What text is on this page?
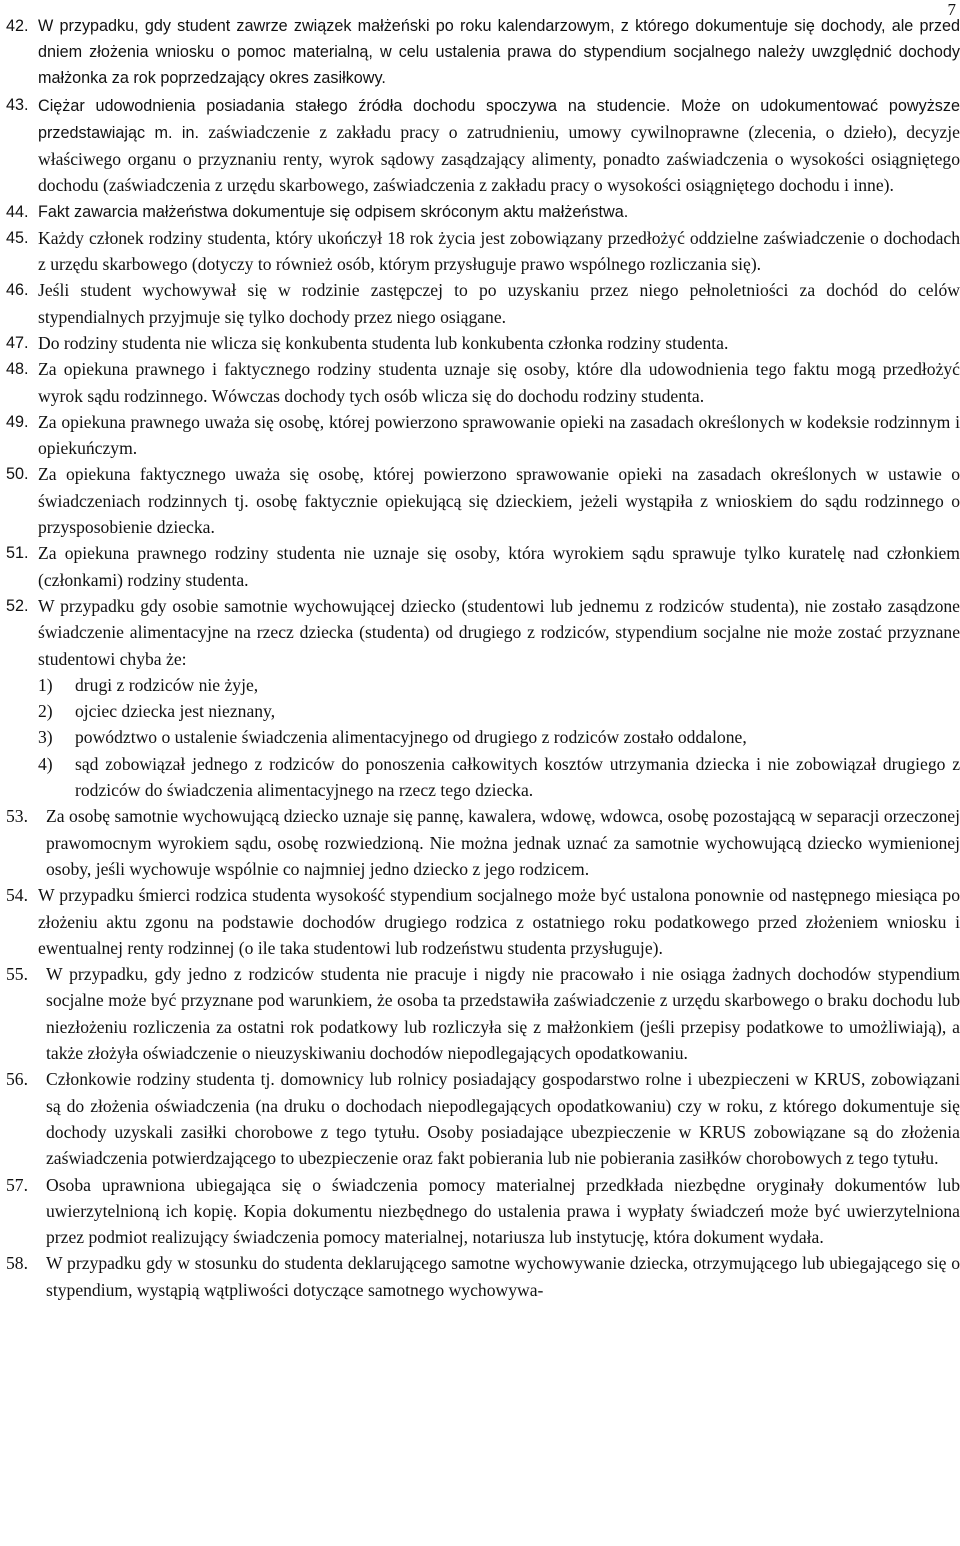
7
42. W przypadku, gdy student zawrze związek małżeński po roku kalendarzowym, z którego dokumentuje się dochody, ale przed dniem złożenia wniosku o pomoc materialną, w celu ustalenia prawa do stypendium socjalnego należy uwzględnić dochody małżonka za rok poprzedzający okres zasiłkowy.
43. Ciężar udowodnienia posiadania stałego źródła dochodu spoczywa na studencie. Może on udokumentować powyższe przedstawiając m. in. zaświadczenie z zakładu pracy o zatrudnieniu, umowy cywilnoprawne (zlecenia, o dzieło), decyzje właściwego organu o przyznaniu renty, wyrok sądowy zasądzający alimenty, ponadto zaświadczenia o wysokości osiągniętego dochodu (zaświadczenia z urzędu skarbowego, zaświadczenia z zakładu pracy o wysokości osiągniętego dochodu i inne).
44. Fakt zawarcia małżeństwa dokumentuje się odpisem skróconym aktu małżeństwa.
45. Każdy członek rodziny studenta, który ukończył 18 rok życia jest zobowiązany przedłożyć oddzielne zaświadczenie o dochodach z urzędu skarbowego (dotyczy to również osób, którym przysługuje prawo wspólnego rozliczania się).
46. Jeśli student wychowywał się w rodzinie zastępczej to po uzyskaniu przez niego pełnoletniości za dochód do celów stypendialnych przyjmuje się tylko dochody przez niego osiągane.
47. Do rodziny studenta nie wlicza się konkubenta studenta lub konkubenta członka rodziny studenta.
48. Za opiekuna prawnego i faktycznego rodziny studenta uznaje się osoby, które dla udowodnienia tego faktu mogą przedłożyć wyrok sądu rodzinnego. Wówczas dochody tych osób wlicza się do dochodu rodziny studenta.
49. Za opiekuna prawnego uważa się osobę, której powierzono sprawowanie opieki na zasadach określonych w kodeksie rodzinnym i opiekuńczym.
50. Za opiekuna faktycznego uważa się osobę, której powierzono sprawowanie opieki na zasadach określonych w ustawie o świadczeniach rodzinnych tj. osobę faktycznie opiekującą się dzieckiem, jeżeli wystąpiła z wnioskiem do sądu rodzinnego o przysposobienie dziecka.
51. Za opiekuna prawnego rodziny studenta nie uznaje się osoby, która wyrokiem sądu sprawuje tylko kuratelę nad członkiem (członkami) rodziny studenta.
52. W przypadku gdy osobie samotnie wychowującej dziecko (studentowi lub jednemu z rodziców studenta), nie zostało zasądzone świadczenie alimentacyjne na rzecz dziecka (studenta) od drugiego z rodziców, stypendium socjalne nie może zostać przyznane studentowi chyba że:
1) drugi z rodziców nie żyje,
2) ojciec dziecka jest nieznany,
3) powództwo o ustalenie świadczenia alimentacyjnego od drugiego z rodziców zostało oddalone,
4) sąd zobowiązał jednego z rodziców do ponoszenia całkowitych kosztów utrzymania dziecka i nie zobowiązał drugiego z rodziców do świadczenia alimentacyjnego na rzecz tego dziecka.
53. Za osobę samotnie wychowującą dziecko uznaje się pannę, kawalera, wdowę, wdowca, osobę pozostającą w separacji orzeczonej prawomocnym wyrokiem sądu, osobę rozwiedzioną. Nie można jednak uznać za samotnie wychowującą dziecko wymienionej osoby, jeśli wychowuje wspólnie co najmniej jedno dziecko z jego rodzicem.
54. W przypadku śmierci rodzica studenta wysokość stypendium socjalnego może być ustalona ponownie od następnego miesiąca po złożeniu aktu zgonu na podstawie dochodów drugiego rodzica z ostatniego roku podatkowego przed złożeniem wniosku i ewentualnej renty rodzinnej (o ile taka studentowi lub rodzeństwu studenta przysługuje).
55. W przypadku, gdy jedno z rodziców studenta nie pracuje i nigdy nie pracowało i nie osiąga żadnych dochodów stypendium socjalne może być przyznane pod warunkiem, że osoba ta przedstawiła zaświadczenie z urzędu skarbowego o braku dochodu lub niezłożeniu rozliczenia za ostatni rok podatkowy lub rozliczyła się z małżonkiem (jeśli przepisy podatkowe to umożliwiają), a także złożyła oświadczenie o nieuzyskiwaniu dochodów niepodlegających opodatkowaniu.
56. Członkowie rodziny studenta tj. domownicy lub rolnicy posiadający gospodarstwo rolne i ubezpieczeni w KRUS, zobowiązani są do złożenia oświadczenia (na druku o dochodach niepodlegających opodatkowaniu) czy w roku, z którego dokumentuje się dochody uzyskali zasiłki chorobowe z tego tytułu. Osoby posiadające ubezpieczenie w KRUS zobowiązane są do złożenia zaświadczenia potwierdzającego to ubezpieczenie oraz fakt pobierania lub nie pobierania zasiłków chorobowych z tego tytułu.
57. Osoba uprawniona ubiegająca się o świadczenia pomocy materialnej przedkłada niezbędne oryginały dokumentów lub uwierzytelnioną ich kopię. Kopia dokumentu niezbędnego do ustalenia prawa i wypłaty świadczeń może być uwierzytelniona przez podmiot realizujący świadczenia pomocy materialnej, notariusza lub instytucję, która dokument wydała.
58. W przypadku gdy w stosunku do studenta deklarującego samotne wychowywanie dziecka, otrzymującego lub ubiegającego się o stypendium, wystąpią wątpliwości dotyczące samotnego wychowywa-
